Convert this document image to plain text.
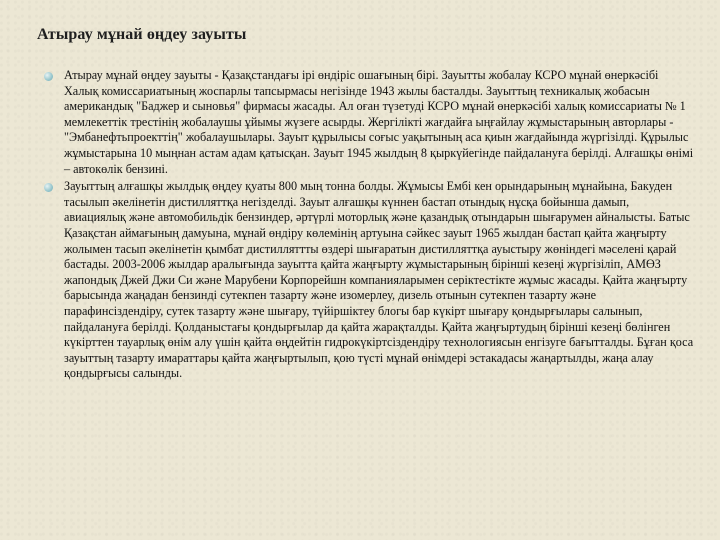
Атырау мұнай өңдеу зауыты
Атырау мұнай өңдеу зауыты - Қазақстандағы ірі өндіріс ошағының бірі. Зауытты жобалау КСРО мұнай өнеркәсібі Халық комиссариатының жоспарлы тапсырмасы негізінде 1943 жылы басталды. Зауыттың техникалық жобасын американдық "Баджер и сыновья" фирмасы жасады. Ал оған түзетуді КСРО мұнай өнеркәсібі халық комиссариаты № 1 мемлекеттік трестінің жобалаушы ұйымы жүзеге асырды. Жергілікті жағдайға ыңғайлау жұмыстарының авторлары - "Эмбанефтьпроекттің" жобалаушылары. Зауыт құрылысы соғыс уақытының аса қиын жағдайында жүргізілді. Құрылыс жұмыстарына 10 мыңнан астам адам қатысқан. Зауыт 1945 жылдың 8 қыркүйегінде пайдалануға берілді. Алғашқы өнімі – автокөлік бензині.
Зауыттың алғашқы жылдық өңдеу қуаты 800 мың тонна болды. Жұмысы Ембі кен орындарының мұнайына, Бакуден тасылып әкелінетін дистилляттқа негізделді. Зауыт алғашқы күннен бастап отындық нұсқа бойынша дамып, авиациялық және автомобильдік бензиндер, әртүрлі моторлық және қазандық отындарын шығарумен айналысты. Батыс Қазақстан аймағының дамуына, мұнай өндіру көлемінің артуына сәйкес зауыт 1965 жылдан бастап қайта жаңғырту жолымен тасып әкелінетін қымбат дистилляттты өздері шығаратын дистилляттқа ауыстыру жөніндегі мәселені қарай бастады. 2003-2006 жылдар аралығында зауытта қайта жаңғырту жұмыстарының бірінші кезеңі жүргізіліп, АМӨЗ жапондық Джей Джи Си және Марубени Корпорейшн компанияларымен серіктестікте жұмыс жасады. Қайта жаңғырту барысында жаңадан бензинді сутекпен тазарту және изомерлеу, дизель отынын сутекпен тазарту және парафинсіздендіру, сутек тазарту және шығару, түйіршіктеу блогы бар күкірт шығару қондырғылары салынып, пайдалануға берілді. Қолданыстағы қондырғылар да қайта жарақталды. Қайта жаңғыртудың бірінші кезеңі бөлінген күкірттен тауарлық өнім алу үшін қайта өңдейтін гидрокүкіртсіздендіру технологиясын енгізуге бағытталды. Бұған қоса зауыттың тазарту имараттары қайта жаңғыртылып, қою түсті мұнай өнімдері эстакадасы жаңартылды, жаңа алау қондырғысы салынды.
